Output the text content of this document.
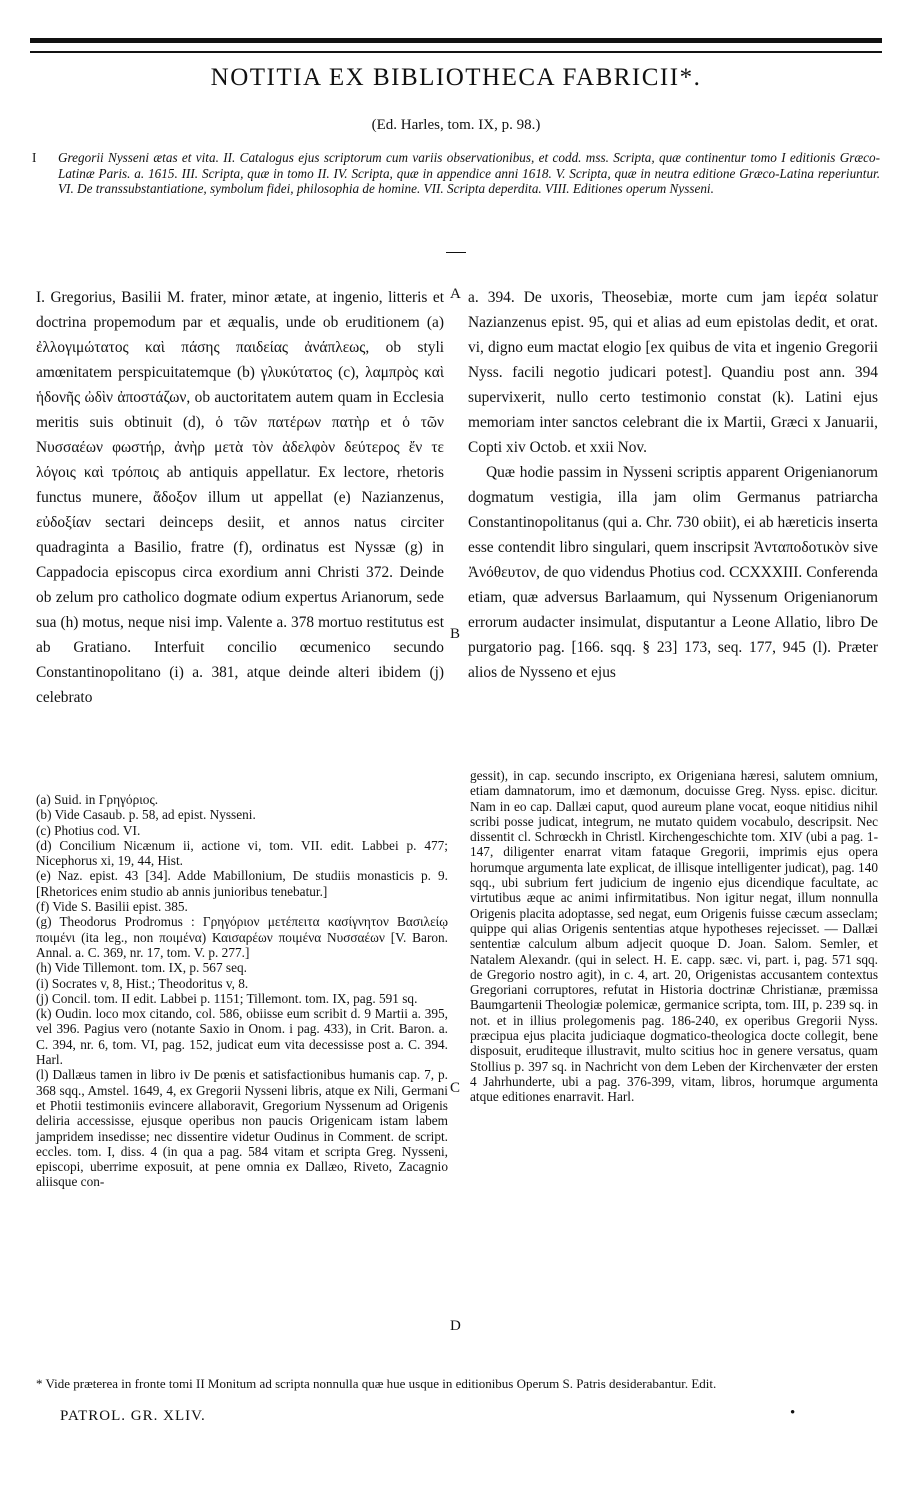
NOTITIA EX BIBLIOTHECA FABRICII*.
(Ed. Harles, tom. IX, p. 98.)
I	Gregorii Nysseni ætas et vita. II. Catalogus ejus scriptorum cum variis observationibus, et codd. mss. Scripta, quæ continentur tomo I editionis Græco-Latinæ Paris. a. 1615. III. Scripta, quæ in tomo II. IV. Scripta, quæ in appendice anni 1618. V. Scripta, quæ in neutra editione Græco-Latina reperiuntur. VI. De transsubstantiatione, symbolum fidei, philosophia de homine. VII. Scripta deperdita. VIII. Editiones operum Nysseni.

I. Gregorius, Basilii M. frater, minor ætate, at ingenio, litteris et doctrina propemodum par et æqualis, unde ob eruditionem (a) ἐλλογιμώτατος καὶ πάσης παιδείας ἀνάπλεως, ob styli amœnitatem perspicuitatemque (b) γλυκύτατος (c), λαμπρὸς καὶ ἡδονῆς ὠδὶν ἀποστάζων, ob auctoritatem autem quam in Ecclesia meritis suis obtinuit (d), ὁ τῶν πατέρων πατὴρ et ὁ τῶν Νυσσαέων φωστήρ, ἀνὴρ μετὰ τὸν ἀδελφὸν δεύτερος ἔν τε λόγοις καὶ τρόποις ab antiquis appellatur. Ex lectore, rhetoris functus munere, ἄδοξον illum ut appellat (e) Nazianzenus, εὐδοξίαν sectari deinceps desiit, et annos natus circiter quadraginta a Basilio, fratre (f), ordinatus est Nyssæ (g) in Cappadocia episcopus circa exordium anni Christi 372. Deinde ob zelum pro catholico dogmate odium expertus Arianorum, sede sua (h) motus, neque nisi imp. Valente a. 378 mortuo restitutus est ab Gratiano. Interfuit concilio œcumenico secundo Constantinopolitano (i) a. 381, atque deinde alteri ibidem (j) celebrato

a. 394. De uxoris, Theosebiæ, morte cum jam ἱερέα solatur Nazianzenus epist. 95, qui et alias ad eum epistolas dedit, et orat. vi, digno eum mactat elogio [ex quibus de vita et ingenio Gregorii Nyss. facili negotio judicari potest]. Quandiu post ann. 394 supervixerit, nullo certo testimonio constat (k). Latini ejus memoriam inter sanctos celebrant die ix Martii, Græci x Januarii, Copti xiv Octob. et xxii Nov.

Quæ hodie passim in Nysseni scriptis apparent Origenianorum dogmatum vestigia, illa jam olim Germanus patriarcha Constantinopolitanus (qui a. Chr. 730 obiit), ei ab hæreticis inserta esse contendit libro singulari, quem inscripsit Ἀνταποδοτικὸν sive Ἀνόθευτον, de quo videndus Photius cod. CCXXXIII. Conferenda etiam, quæ adversus Barlaamum, qui Nyssenum Origenianorum errorum audacter insimulat, disputantur a Leone Allatio, libro De purgatorio pag. [166. sqq. § 23] 173, seq. 177, 945 (l). Præter alios de Nysseno et ejus

A
B
C
D

(a) Suid. in Γρηγόριος.

(b) Vide Casaub. p. 58, ad epist. Nysseni.

(c) Photius cod. VI.

(d) Concilium Nicænum ii, actione vi, tom. VII. edit. Labbei p. 477; Nicephorus xi, 19, 44, Hist.

(e) Naz. epist. 43 [34]. Adde Mabillonium, De studiis monasticis p. 9. [Rhetorices enim studio ab annis junioribus tenebatur.]

(f) Vide S. Basilii epist. 385.

(g) Theodorus Prodromus : Γρηγόριον μετέπειτα κασίγνητον Βασιλείῳ ποιμένι (ita leg., non ποιμένα) Καισαρέων ποιμένα Νυσσαέων [V. Baron. Annal. a. C. 369, nr. 17, tom. V. p. 277.]

(h) Vide Tillemont. tom. IX, p. 567 seq.

(i) Socrates v, 8, Hist.; Theodoritus v, 8.

(j) Concil. tom. II edit. Labbei p. 1151; Tillemont. tom. IX, pag. 591 sq.

(k) Oudin. loco mox citando, col. 586, obiisse eum scribit d. 9 Martii a. 395, vel 396. Pagius vero (notante Saxio in Onom. i pag. 433), in Crit. Baron. a. C. 394, nr. 6, tom. VI, pag. 152, judicat eum vita decessisse post a. C. 394. Harl.

(l) Dallæus tamen in libro iv De pœnis et satisfactionibus humanis cap. 7, p. 368 sqq., Amstel. 1649, 4, ex Gregorii Nysseni libris, atque ex Nili, Germani et Photii testimoniis evincere allaboravit, Gregorium Nyssenum ad Origenis deliria accessisse, ejusque operibus non paucis Origenicam istam labem jampridem insedisse; nec dissentire videtur Oudinus in Comment. de script. eccles. tom. I, diss. 4 (in qua a pag. 584 vitam et scripta Greg. Nysseni, episcopi, uberrime exposuit, at pene omnia ex Dallæo, Riveto, Zacagnio aliisque con-

gessit), in cap. secundo inscripto, ex Origeniana hæresi, salutem omnium, etiam damnatorum, imo et dæmonum, docuisse Greg. Nyss. episc. dicitur. Nam in eo cap. Dallæi caput, quod aureum plane vocat, eoque nitidius nihil scribi posse judicat, integrum, ne mutato quidem vocabulo, descripsit. Nec dissentit cl. Schrœckh in Christl. Kirchengeschichte tom. XIV (ubi a pag. 1-147, diligenter enarrat vitam fataque Gregorii, imprimis ejus opera horumque argumenta late explicat, de illisque intelligenter judicat), pag. 140 sqq., ubi subrium fert judicium de ingenio ejus dicendique facultate, ac virtutibus æque ac animi infirmitatibus. Non igitur negat, illum nonnulla Origenis placita adoptasse, sed negat, eum Origenis fuisse cæcum asseclam; quippe qui alias Origenis sententias atque hypotheses rejecisset. — Dallæi sententiæ calculum album adjecit quoque D. Joan. Salom. Semler, et Natalem Alexandr. (qui in select. H. E. capp. sæc. vi, part. i, pag. 571 sqq. de Gregorio nostro agit), in c. 4, art. 20, Origenistas accusantem contextus Gregoriani corruptores, refutat in Historia doctrinæ Christianæ, præmissa Baumgartenii Theologiæ polemicæ, germanice scripta, tom. III, p. 239 sq. in not. et in illius prolegomenis pag. 186-240, ex operibus Gregorii Nyss. præcipua ejus placita judiciaque dogmatico-theologica docte collegit, bene disposuit, eruditeque illustravit, multo scitius hoc in genere versatus, quam Stollius p. 397 sq. in Nachricht von dem Leben der Kirchenvæter der ersten 4 Jahrhunderte, ubi a pag. 376-399, vitam, libros, horumque argumenta atque editiones enarravit. Harl.

* Vide præterea in fronte tomi II Monitum ad scripta nonnulla quæ hue usque in editionibus Operum S. Patris desiderabantur. Edit.
PATROL. GR. XLIV.	•
